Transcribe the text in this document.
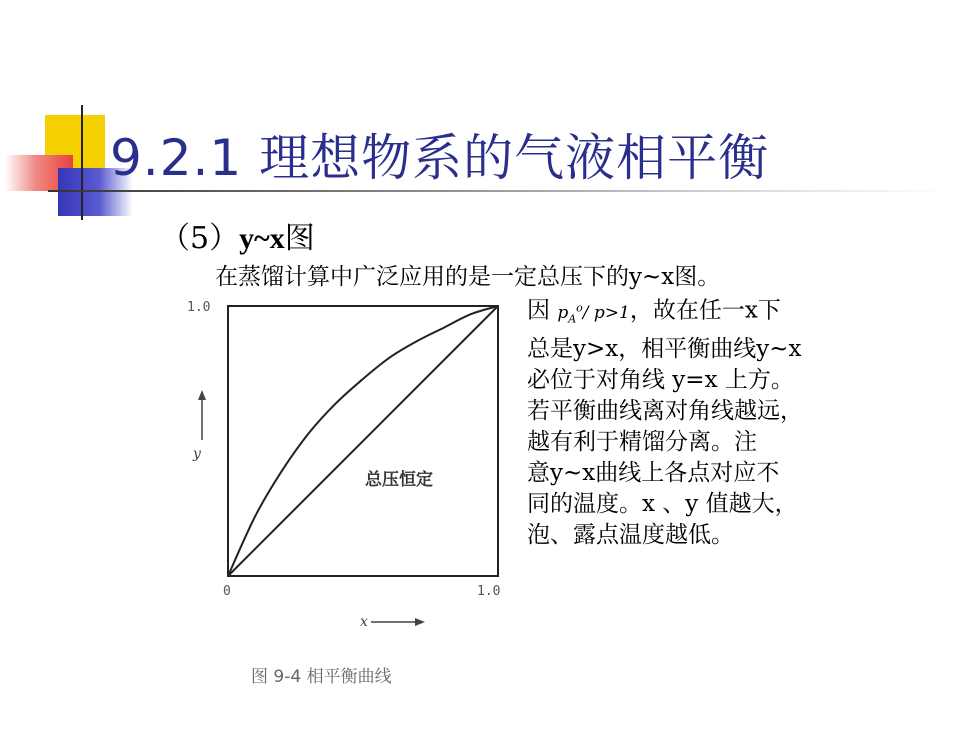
9.2.1 理想物系的气液相平衡
（5）y~x图
在蒸馏计算中广泛应用的是一定总压下的y~x图。
因 $p_A^o/$ p>1，故在任一x下
总是y>x，相平衡曲线y~x
必位于对角线 y=x 上方。
若平衡曲线离对角线越远，
越有利于精馏分离。注
意y~x曲线上各点对应不
同的温度。x 、y 值越大，
泡、露点温度越低。
1.0
0	1.0
y
x
总压恒定
图 9-4 相平衡曲线
